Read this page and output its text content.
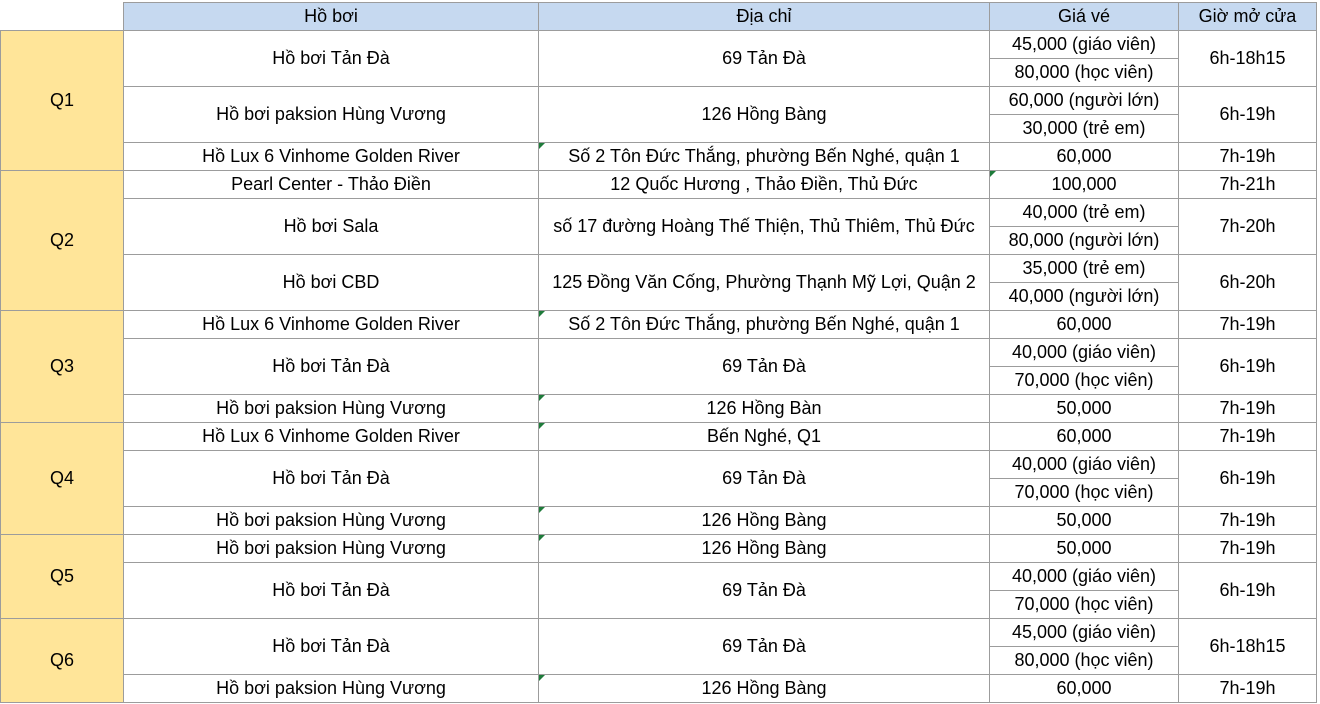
	Hồ bơi	Địa chỉ	Giá vé	Giờ mở cửa
Q1	Hồ bơi Tản Đà	69 Tản Đà	45,000 (giáo viên)	6h-18h15
			80,000 (học viên)	
	Hồ bơi paksion Hùng Vương	126 Hồng Bàng	60,000 (người lớn)	6h-19h
			30,000 (trẻ em)	
	Hồ Lux 6 Vinhome Golden River	Số 2 Tôn Đức Thắng, phường Bến Nghé, quận 1	60,000	7h-19h
Q2	Pearl Center - Thảo Điền	12 Quốc Hương , Thảo Điền, Thủ Đức	100,000	7h-21h
	Hồ bơi Sala	số 17 đường Hoàng Thế Thiện, Thủ Thiêm, Thủ Đức	40,000 (trẻ em)	7h-20h
			80,000 (người lớn)	
	Hồ bơi CBD	125 Đồng Văn Cống, Phường Thạnh Mỹ Lợi, Quận 2	35,000 (trẻ em)	6h-20h
			40,000 (người lớn)	
Q3	Hồ Lux 6 Vinhome Golden River	Số 2 Tôn Đức Thắng, phường Bến Nghé, quận 1	60,000	7h-19h
	Hồ bơi Tản Đà	69 Tản Đà	40,000 (giáo viên)	6h-19h
			70,000 (học viên)	
	Hồ bơi paksion Hùng Vương	126 Hồng Bàn	50,000	7h-19h
Q4	Hồ Lux 6 Vinhome Golden River	Bến Nghé, Q1	60,000	7h-19h
	Hồ bơi Tản Đà	69 Tản Đà	40,000 (giáo viên)	6h-19h
			70,000 (học viên)	
	Hồ bơi paksion Hùng Vương	126 Hồng Bàng	50,000	7h-19h
Q5	Hồ bơi paksion Hùng Vương	126 Hồng Bàng	50,000	7h-19h
	Hồ bơi Tản Đà	69 Tản Đà	40,000 (giáo viên)	6h-19h
			70,000 (học viên)	
Q6	Hồ bơi Tản Đà	69 Tản Đà	45,000 (giáo viên)	6h-18h15
			80,000 (học viên)	
	Hồ bơi paksion Hùng Vương	126 Hồng Bàng	60,000	7h-19h
